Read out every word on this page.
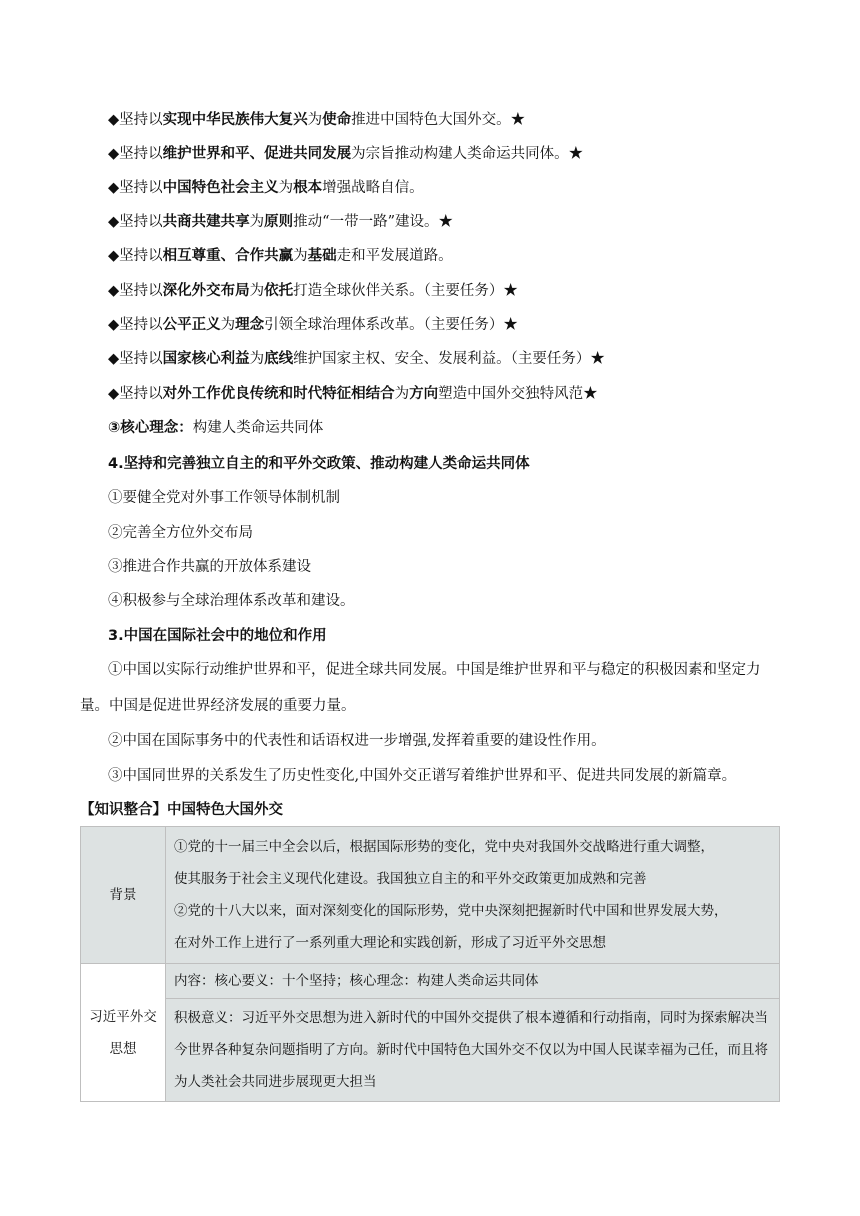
◆坚持以实现中华民族伟大复兴为使命推进中国特色大国外交。★
◆坚持以维护世界和平、促进共同发展为宗旨推动构建人类命运共同体。★
◆坚持以中国特色社会主义为根本增强战略自信。
◆坚持以共商共建共享为原则推动“一带一路”建设。★
◆坚持以相互尊重、合作共赢为基础走和平发展道路。
◆坚持以深化外交布局为依托打造全球伙伴关系。（主要任务）★
◆坚持以公平正义为理念引领全球治理体系改革。（主要任务）★
◆坚持以国家核心利益为底线维护国家主权、安全、发展利益。（主要任务）★
◆坚持以对外工作优良传统和时代特征相结合为方向塑造中国外交独特风范★
③核心理念：构建人类命运共同体
4.坚持和完善独立自主的和平外交政策、推动构建人类命运共同体
①要健全党对外事工作领导体制机制
②完善全方位外交布局
③推进合作共赢的开放体系建设
④积极参与全球治理体系改革和建设。
3.中国在国际社会中的地位和作用
①中国以实际行动维护世界和平，促进全球共同发展。中国是维护世界和平与稳定的积极因素和坚定力量。中国是促进世界经济发展的重要力量。
②中国在国际事务中的代表性和话语权进一步增强,发挥着重要的建设性作用。
③中国同世界的关系发生了历史性变化,中国外交正谱写着维护世界和平、促进共同发展的新篇章。
【知识整合】中国特色大国外交
背景	①党的十一届三中全会以后，根据国际形势的变化，党中央对我国外交战略进行重大调整，
使其服务于社会主义现代化建设。我国独立自主的和平外交政策更加成熟和完善
②党的十八大以来，面对深刻变化的国际形势，党中央深刻把握新时代中国和世界发展大势，
在对外工作上进行了一系列重大理论和实践创新，形成了习近平外交思想

习近平外交思想	内容：核心要义：十个坚持；核心理念：构建人类命运共同体
	积极意义：习近平外交思想为进入新时代的中国外交提供了根本遵循和行动指南，同时为探索解决当今世界各种复杂问题指明了方向。新时代中国特色大国外交不仅以为中国人民谋幸福为己任，而且将为人类社会共同进步展现更大担当
